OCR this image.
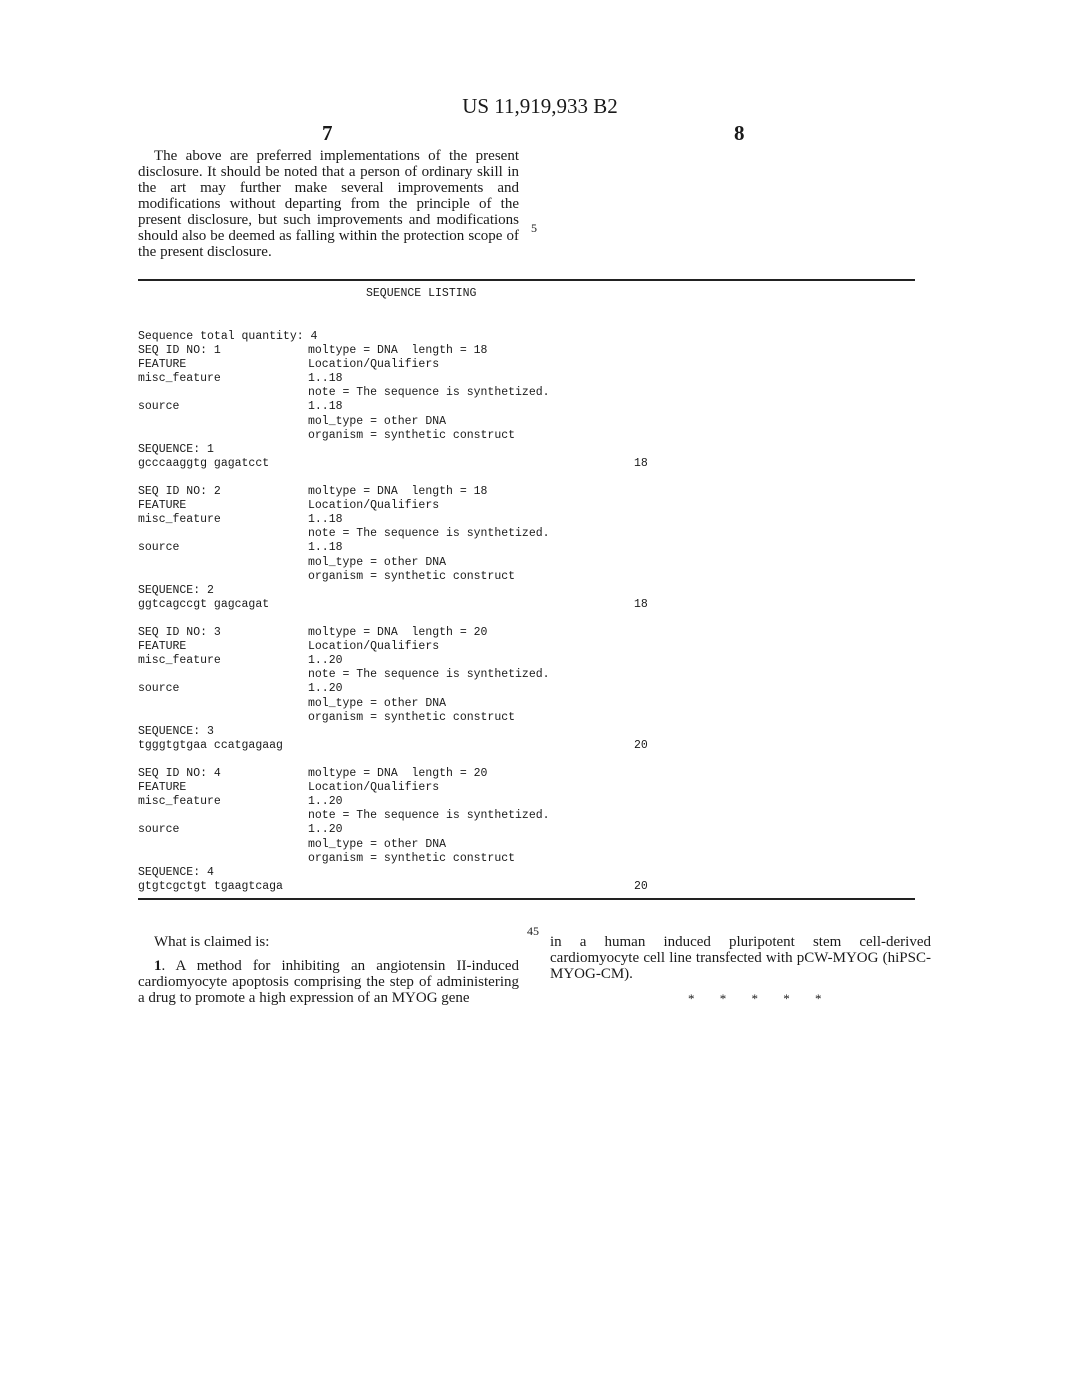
US 11,919,933 B2
7	8
The above are preferred implementations of the present disclosure. It should be noted that a person of ordinary skill in the art may further make several improvements and modifications without departing from the principle of the present disclosure, but such improvements and modifications should also be deemed as falling within the protection scope of the present disclosure.
5
SEQUENCE LISTING
Sequence total quantity: 4
SEQ ID NO: 1	moltype = DNA  length = 18
FEATURE	Location/Qualifiers
misc_feature	1..18
note = The sequence is synthetized.
source	1..18
mol_type = other DNA
organism = synthetic construct
SEQUENCE: 1
gcccaaggtg gagatcct	18
SEQ ID NO: 2	moltype = DNA  length = 18
FEATURE	Location/Qualifiers
misc_feature	1..18
note = The sequence is synthetized.
source	1..18
mol_type = other DNA
organism = synthetic construct
SEQUENCE: 2
ggtcagccgt gagcagat	18
SEQ ID NO: 3	moltype = DNA  length = 20
FEATURE	Location/Qualifiers
misc_feature	1..20
note = The sequence is synthetized.
source	1..20
mol_type = other DNA
organism = synthetic construct
SEQUENCE: 3
tgggtgtgaa ccatgagaag	20
SEQ ID NO: 4	moltype = DNA  length = 20
FEATURE	Location/Qualifiers
misc_feature	1..20
note = The sequence is synthetized.
source	1..20
mol_type = other DNA
organism = synthetic construct
SEQUENCE: 4
gtgtcgctgt tgaagtcaga	20
What is claimed is:
1. A method for inhibiting an angiotensin II-induced cardiomyocyte apoptosis comprising the step of administering a drug to promote a high expression of an MYOG gene
45
in a human induced pluripotent stem cell-derived cardiomyocyte cell line transfected with pCW-MYOG (hiPSC-MYOG-CM).
* * * * *
